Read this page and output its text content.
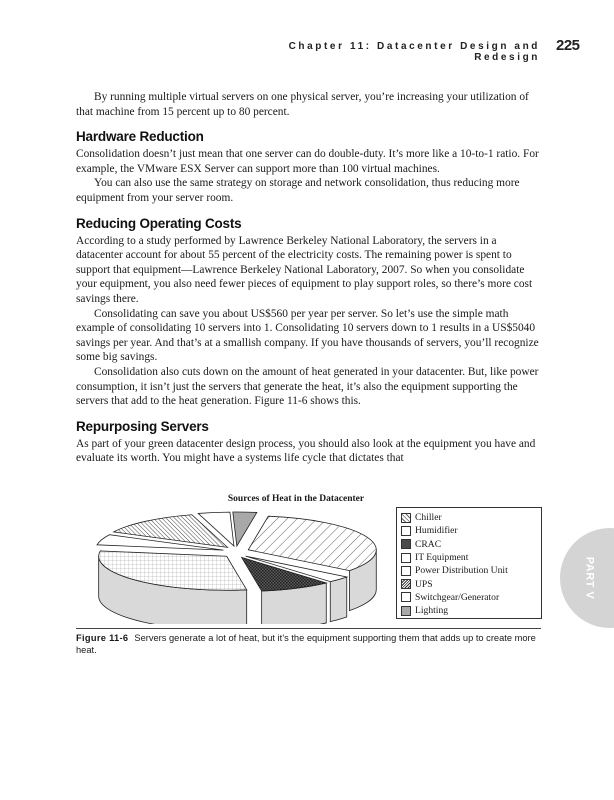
Chapter 11: Datacenter Design and Redesign
225

By running multiple virtual servers on one physical server, you’re increasing your utilization of that machine from 15 percent up to 80 percent.

Hardware Reduction

Consolidation doesn’t just mean that one server can do double-duty. It’s more like a 10-to-1 ratio. For example, the VMware ESX Server can support more than 100 virtual machines.

You can also use the same strategy on storage and network consolidation, thus reducing more equipment from your server room.

Reducing Operating Costs

According to a study performed by Lawrence Berkeley National Laboratory, the servers in a datacenter account for about 55 percent of the electricity costs. The remaining power is spent to support that equipment—Lawrence Berkeley National Laboratory, 2007. So when you consolidate your equipment, you also need fewer pieces of equipment to play support roles, so there’s more cost savings there.

Consolidating can save you about US$560 per year per server. So let’s use the simple math example of consolidating 10 servers into 1. Consolidating 10 servers down to 1 results in a US$5040 savings per year. And that’s at a smallish company. If you have thousands of servers, you’ll recognize some big savings.

Consolidation also cuts down on the amount of heat generated in your datacenter. But, like power consumption, it isn’t just the servers that generate the heat, it’s also the equipment supporting the servers that add to the heat generation. Figure 11-6 shows this.

Repurposing Servers

As part of your green datacenter design process, you should also look at the equipment you have and evaluate its worth. You might have a systems life cycle that dictates that

Sources of Heat in the Datacenter
Chiller
Humidifier
CRAC
IT Equipment
Power Distribution Unit
UPS
Switchgear/Generator
Lighting
Figure 11-6 Servers generate a lot of heat, but it’s the equipment supporting them that adds up to create more heat.
PART V
